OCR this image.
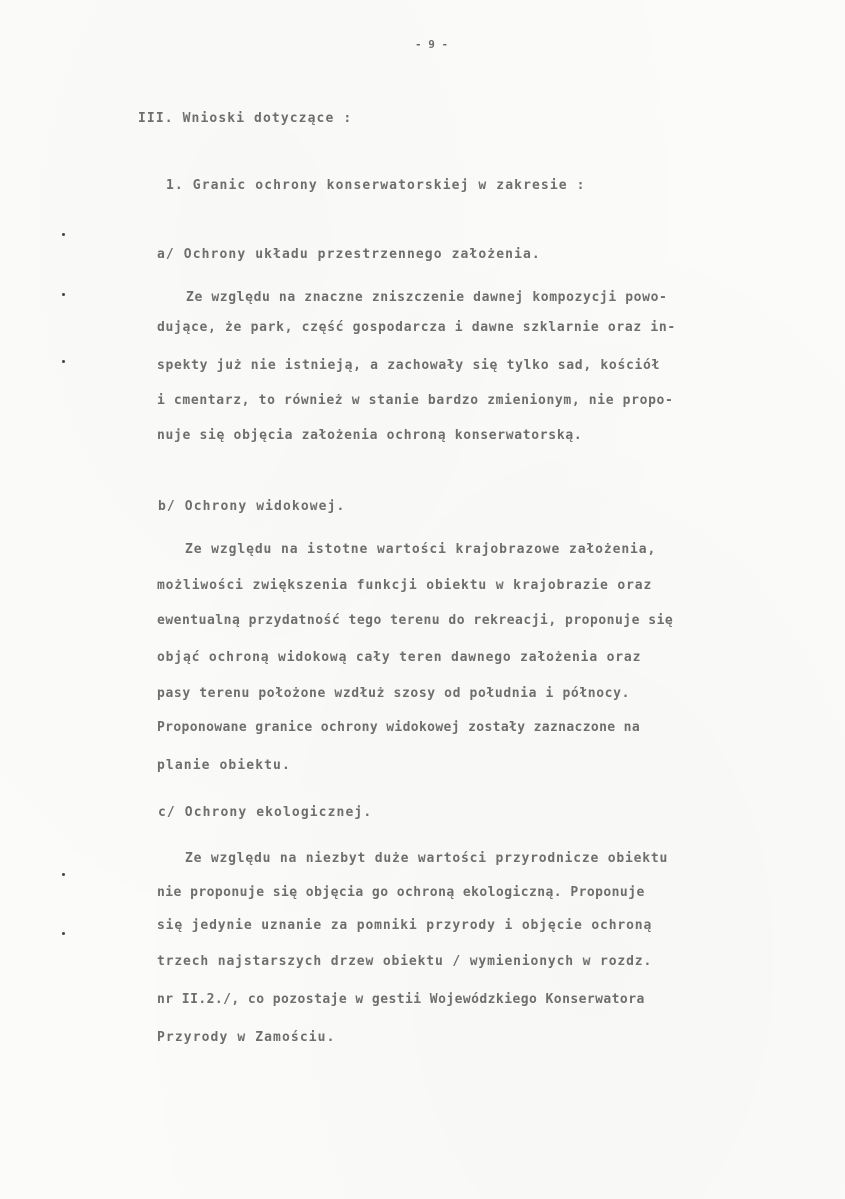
- 9 -
III. Wnioski dotyczące :
1. Granic ochrony konserwatorskiej w zakresie :
a/ Ochrony układu przestrzennego założenia.
Ze względu na znaczne zniszczenie dawnej kompozycji powo-
dujące, że park, część gospodarcza i dawne szklarnie oraz in-
spekty już nie istnieją, a zachowały się tylko sad, kościół
i cmentarz, to również w stanie bardzo zmienionym, nie propo-
nuje się objęcia założenia ochroną konserwatorską.
b/ Ochrony widokowej.
Ze względu na istotne wartości krajobrazowe założenia,
możliwości zwiększenia funkcji obiektu w krajobrazie oraz
ewentualną przydatność tego terenu do rekreacji, proponuje się
objąć ochroną widokową cały teren dawnego założenia oraz
pasy terenu położone wzdłuż szosy od południa i północy.
Proponowane granice ochrony widokowej zostały zaznaczone na
planie obiektu.
c/ Ochrony ekologicznej.
Ze względu na niezbyt duże wartości przyrodnicze obiektu
nie proponuje się objęcia go ochroną ekologiczną. Proponuje
się jedynie uznanie za pomniki przyrody i objęcie ochroną
trzech najstarszych drzew obiektu / wymienionych w rozdz.
nr II.2./, co pozostaje w gestii Wojewódzkiego Konserwatora
Przyrody w Zamościu.
